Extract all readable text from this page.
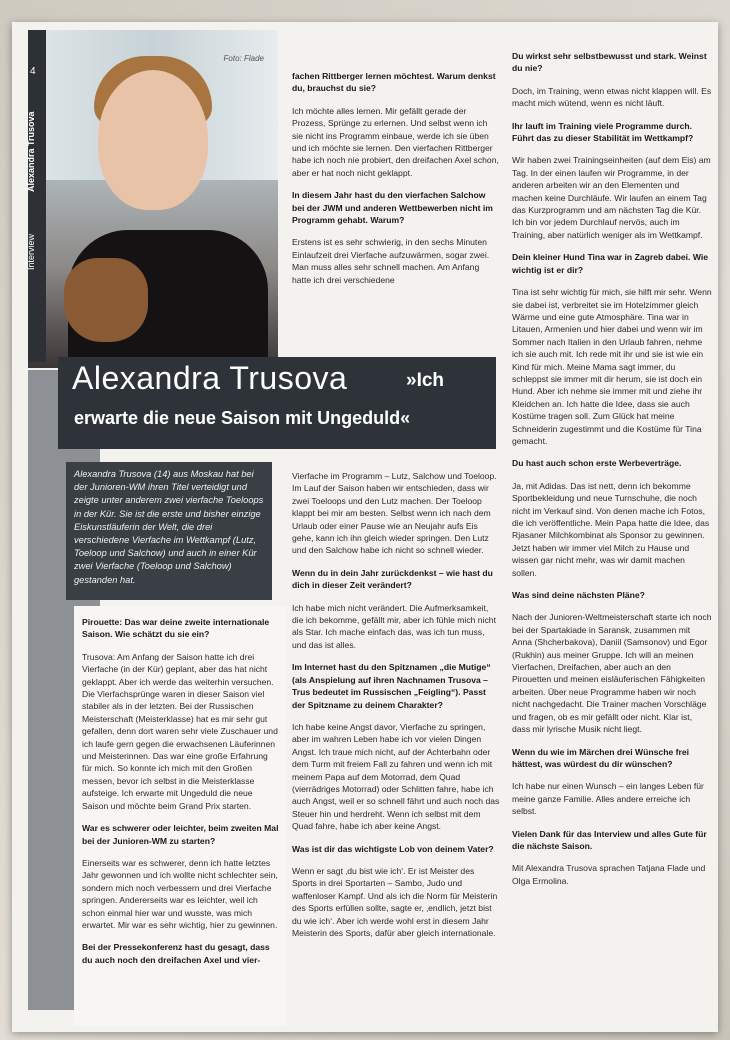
Foto: Flade
4
Alexandra Trusova
Interview
Alexandra Trusova	»Ich
erwarte die neue Saison mit Ungeduld«
Alexandra Trusova (14) aus Moskau hat bei der Junioren-WM ihren Titel verteidigt und zeigte unter anderem zwei vierfache Toeloops in der Kür. Sie ist die erste und bisher einzige Eiskunstläuferin der Welt, die drei verschiedene Vierfache im Wettkampf (Lutz, Toeloop und Salchow) und auch in einer Kür zwei Vierfache (Toeloop und Salchow) gestanden hat.

Pirouette: Das war deine zweite internationale Saison. Wie schätzt du sie ein?

Trusova: Am Anfang der Saison hatte ich drei Vierfache (in der Kür) geplant, aber das hat nicht geklappt. Aber ich werde das weiterhin versuchen. Die Vierfachsprünge waren in dieser Saison viel stabiler als in der letzten. Bei der Russischen Meisterschaft (Meisterklasse) hat es mir sehr gut gefallen, denn dort waren sehr viele Zuschauer und ich laufe gern gegen die erwachsenen Läuferinnen und Meisterinnen. Das war eine große Erfahrung für mich. So konnte ich mich mit den Großen messen, bevor ich selbst in die Meisterklasse aufsteige. Ich erwarte mit Ungeduld die neue Saison und möchte beim Grand Prix starten.

War es schwerer oder leichter, beim zweiten Mal bei der Junioren-WM zu starten?

Einerseits war es schwerer, denn ich hatte letztes Jahr gewonnen und ich wollte nicht schlechter sein, sondern mich noch verbessern und drei Vierfache springen. Andererseits war es leichter, weil ich schon einmal hier war und wusste, was mich erwartet. Mir war es sehr wichtig, hier zu gewinnen.

Bei der Pressekonferenz hast du gesagt, dass du auch noch den dreifachen Axel und vier-

fachen Rittberger lernen möchtest. Warum denkst du, brauchst du sie?

Ich möchte alles lernen. Mir gefällt gerade der Prozess, Sprünge zu erlernen. Und selbst wenn ich sie nicht ins Programm einbaue, werde ich sie üben und ich möchte sie lernen. Den vierfachen Rittberger habe ich noch nie probiert, den dreifachen Axel schon, aber er hat noch nicht geklappt.

In diesem Jahr hast du den vierfachen Salchow bei der JWM und anderen Wettbewerben nicht im Programm gehabt. Warum?

Erstens ist es sehr schwierig, in den sechs Minuten Einlaufzeit drei Vierfache aufzuwärmen, sogar zwei. Man muss alles sehr schnell machen. Am Anfang hatte ich drei verschiedene

Vierfache im Programm – Lutz, Salchow und Toeloop. Im Lauf der Saison haben wir entschieden, dass wir zwei Toeloops und den Lutz machen. Der Toeloop klappt bei mir am besten. Selbst wenn ich nach dem Urlaub oder einer Pause wie an Neujahr aufs Eis gehe, kann ich ihn gleich wieder springen. Den Lutz und den Salchow habe ich nicht so schnell wieder.

Wenn du in dein Jahr zurückdenkst – wie hast du dich in dieser Zeit verändert?

Ich habe mich nicht verändert. Die Aufmerksamkeit, die ich bekomme, gefällt mir, aber ich fühle mich nicht als Star. Ich mache einfach das, was ich tun muss, und das ist alles.

Im Internet hast du den Spitznamen „die Mutige“ (als Anspielung auf ihren Nachnamen Trusova – Trus bedeutet im Russischen „Feigling“). Passt der Spitzname zu deinem Charakter?

Ich habe keine Angst davor, Vierfache zu springen, aber im wahren Leben habe ich vor vielen Dingen Angst. Ich traue mich nicht, auf der Achterbahn oder dem Turm mit freiem Fall zu fahren und wenn ich mit meinem Papa auf dem Motorrad, dem Quad (vierrädriges Motorrad) oder Schlitten fahre, habe ich auch Angst, weil er so schnell fährt und auch noch das Steuer hin und herdreht. Wenn ich selbst mit dem Quad fahre, habe ich aber keine Angst.

Was ist dir das wichtigste Lob von deinem Vater?

Wenn er sagt ‚du bist wie ich‘. Er ist Meister des Sports in drei Sportarten – Sambo, Judo und waffenloser Kampf. Und als ich die Norm für Meisterin des Sports erfüllen sollte, sagte er, ‚endlich, jetzt bist du wie ich‘. Aber ich werde wohl erst in diesem Jahr Meisterin des Sports, dafür aber gleich internationale.

Du wirkst sehr selbstbewusst und stark. Weinst du nie?

Doch, im Training, wenn etwas nicht klappen will. Es macht mich wütend, wenn es nicht läuft.

Ihr lauft im Training viele Programme durch. Führt das zu dieser Stabilität im Wettkampf?

Wir haben zwei Trainingseinheiten (auf dem Eis) am Tag. In der einen laufen wir Programme, in der anderen arbeiten wir an den Elementen und machen keine Durchläufe. Wir laufen an einem Tag das Kurzprogramm und am nächsten Tag die Kür. Ich bin vor jedem Durchlauf nervös, auch im Training, aber natürlich weniger als im Wettkampf.

Dein kleiner Hund Tina war in Zagreb dabei. Wie wichtig ist er dir?

Tina ist sehr wichtig für mich, sie hilft mir sehr. Wenn sie dabei ist, verbreitet sie im Hotelzimmer gleich Wärme und eine gute Atmosphäre. Tina war in Litauen, Armenien und hier dabei und wenn wir im Sommer nach Italien in den Urlaub fahren, nehme ich sie auch mit. Ich rede mit ihr und sie ist wie ein Kind für mich. Meine Mama sagt immer, du schleppst sie immer mit dir herum, sie ist doch ein Hund. Aber ich nehme sie immer mit und ziehe ihr Kleidchen an. Ich hatte die Idee, dass sie auch Kostüme tragen soll. Zum Glück hat meine Schneiderin zugestimmt und die Kostüme für Tina gemacht.

Du hast auch schon erste Werbeverträge.

Ja, mit Adidas. Das ist nett, denn ich bekomme Sportbekleidung und neue Turnschuhe, die noch nicht im Verkauf sind. Von denen mache ich Fotos, die ich veröffentliche. Mein Papa hatte die Idee, das Rjasaner Milchkombinat als Sponsor zu gewinnen. Jetzt haben wir immer viel Milch zu Hause und wissen gar nicht mehr, was wir damit machen sollen.

Was sind deine nächsten Pläne?

Nach der Junioren-Weltmeisterschaft starte ich noch bei der Spartakiade in Saransk, zusammen mit Anna (Shcherbakova), Daniil (Samsonov) und Egor (Rukhin) aus meiner Gruppe. Ich will an meinen Vierfachen, Dreifachen, aber auch an den Pirouetten und meinen eisläuferischen Fähigkeiten arbeiten. Über neue Programme haben wir noch nicht nachgedacht. Die Trainer machen Vorschläge und fragen, ob es mir gefällt oder nicht. Klar ist, dass mir lyrische Musik nicht liegt.

Wenn du wie im Märchen drei Wünsche frei hättest, was würdest du dir wünschen?

Ich habe nur einen Wunsch – ein langes Leben für meine ganze Familie. Alles andere erreiche ich selbst.

Vielen Dank für das Interview und alles Gute für die nächste Saison.

Mit Alexandra Trusova sprachen Tatjana Flade und Olga Ermolina.
